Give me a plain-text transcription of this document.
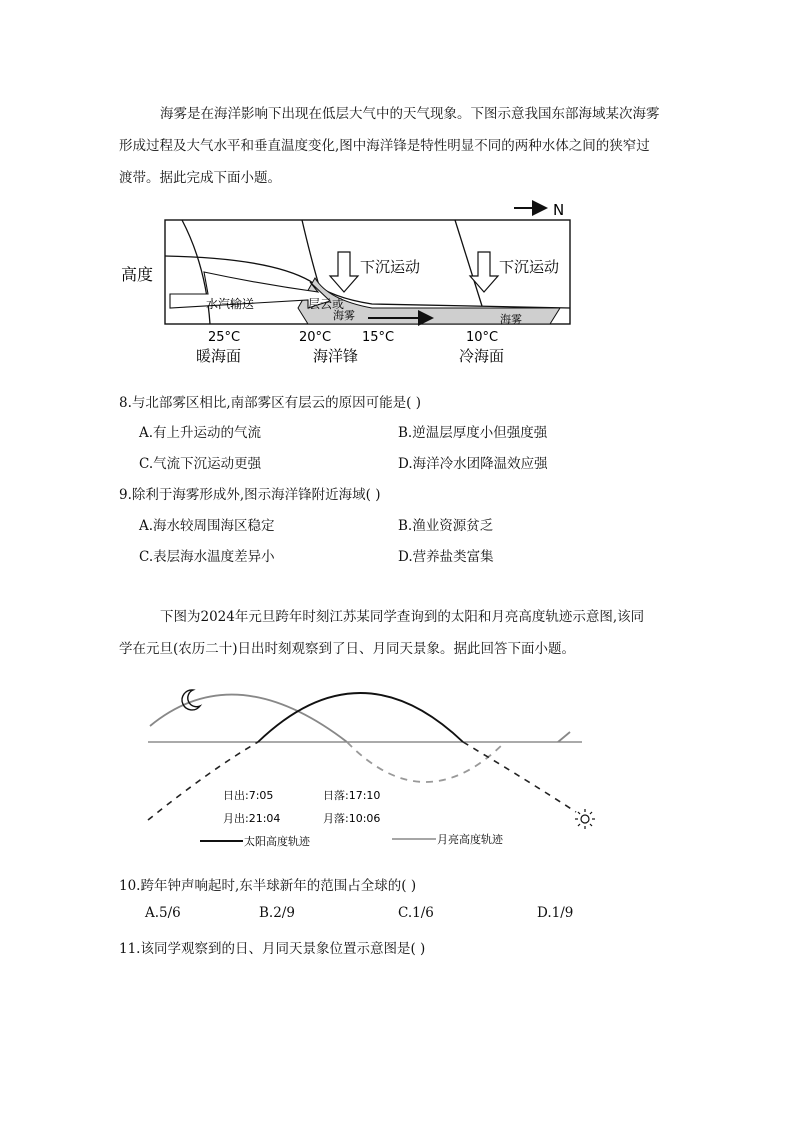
海雾是在海洋影响下出现在低层大气中的天气现象。下图示意我国东部海域某次海雾
形成过程及大气水平和垂直温度变化,图中海洋锋是特性明显不同的两种水体之间的狭窄过
渡带。据此完成下面小题。
N
高度
水汽输送	层云或
海雾	海雾
下沉运动	下沉运动
25°C	20°C 15°C	10°C
暖海面	海洋锋	冷海面
8.与北部雾区相比,南部雾区有层云的原因可能是( )
A.有上升运动的气流	B.逆温层厚度小但强度强
C.气流下沉运动更强	D.海洋冷水团降温效应强
9.除利于海雾形成外,图示海洋锋附近海域( )
A.海水较周围海区稳定	B.渔业资源贫乏
C.表层海水温度差异小	D.营养盐类富集
下图为2024年元旦跨年时刻江苏某同学查询到的太阳和月亮高度轨迹示意图,该同
学在元旦(农历二十)日出时刻观察到了日、月同天景象。据此回答下面小题。
日出:7:05	日落:17:10
月出:21:04	月落:10:06
太阳高度轨迹	月亮高度轨迹
10.跨年钟声响起时,东半球新年的范围占全球的( )
A.5/6	B.2/9	C.1/6	D.1/9
11.该同学观察到的日、月同天景象位置示意图是( )
